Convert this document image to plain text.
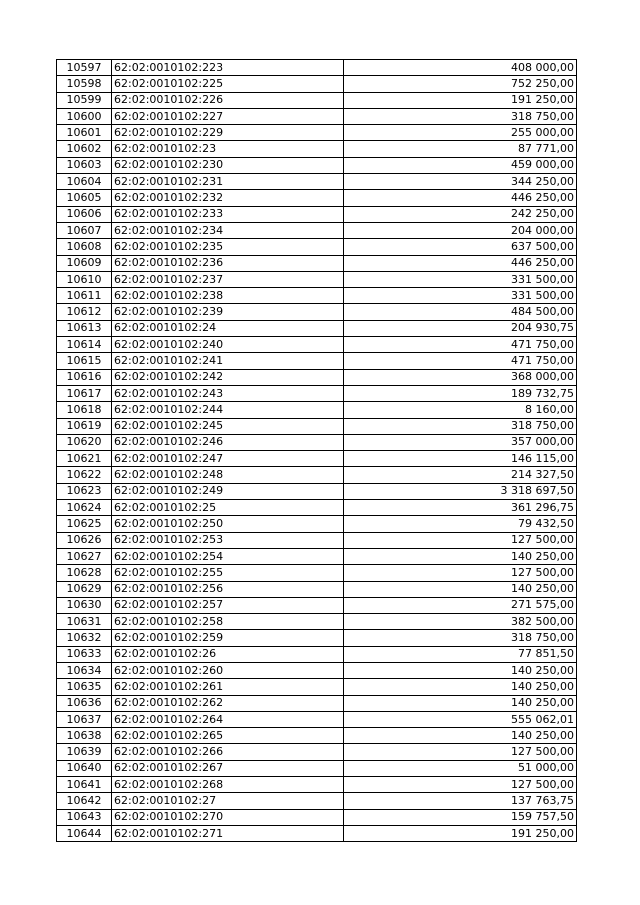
10597	62:02:0010102:223	408 000,00
10598	62:02:0010102:225	752 250,00
10599	62:02:0010102:226	191 250,00
10600	62:02:0010102:227	318 750,00
10601	62:02:0010102:229	255 000,00
10602	62:02:0010102:23	87 771,00
10603	62:02:0010102:230	459 000,00
10604	62:02:0010102:231	344 250,00
10605	62:02:0010102:232	446 250,00
10606	62:02:0010102:233	242 250,00
10607	62:02:0010102:234	204 000,00
10608	62:02:0010102:235	637 500,00
10609	62:02:0010102:236	446 250,00
10610	62:02:0010102:237	331 500,00
10611	62:02:0010102:238	331 500,00
10612	62:02:0010102:239	484 500,00
10613	62:02:0010102:24	204 930,75
10614	62:02:0010102:240	471 750,00
10615	62:02:0010102:241	471 750,00
10616	62:02:0010102:242	368 000,00
10617	62:02:0010102:243	189 732,75
10618	62:02:0010102:244	8 160,00
10619	62:02:0010102:245	318 750,00
10620	62:02:0010102:246	357 000,00
10621	62:02:0010102:247	146 115,00
10622	62:02:0010102:248	214 327,50
10623	62:02:0010102:249	3 318 697,50
10624	62:02:0010102:25	361 296,75
10625	62:02:0010102:250	79 432,50
10626	62:02:0010102:253	127 500,00
10627	62:02:0010102:254	140 250,00
10628	62:02:0010102:255	127 500,00
10629	62:02:0010102:256	140 250,00
10630	62:02:0010102:257	271 575,00
10631	62:02:0010102:258	382 500,00
10632	62:02:0010102:259	318 750,00
10633	62:02:0010102:26	77 851,50
10634	62:02:0010102:260	140 250,00
10635	62:02:0010102:261	140 250,00
10636	62:02:0010102:262	140 250,00
10637	62:02:0010102:264	555 062,01
10638	62:02:0010102:265	140 250,00
10639	62:02:0010102:266	127 500,00
10640	62:02:0010102:267	51 000,00
10641	62:02:0010102:268	127 500,00
10642	62:02:0010102:27	137 763,75
10643	62:02:0010102:270	159 757,50
10644	62:02:0010102:271	191 250,00
